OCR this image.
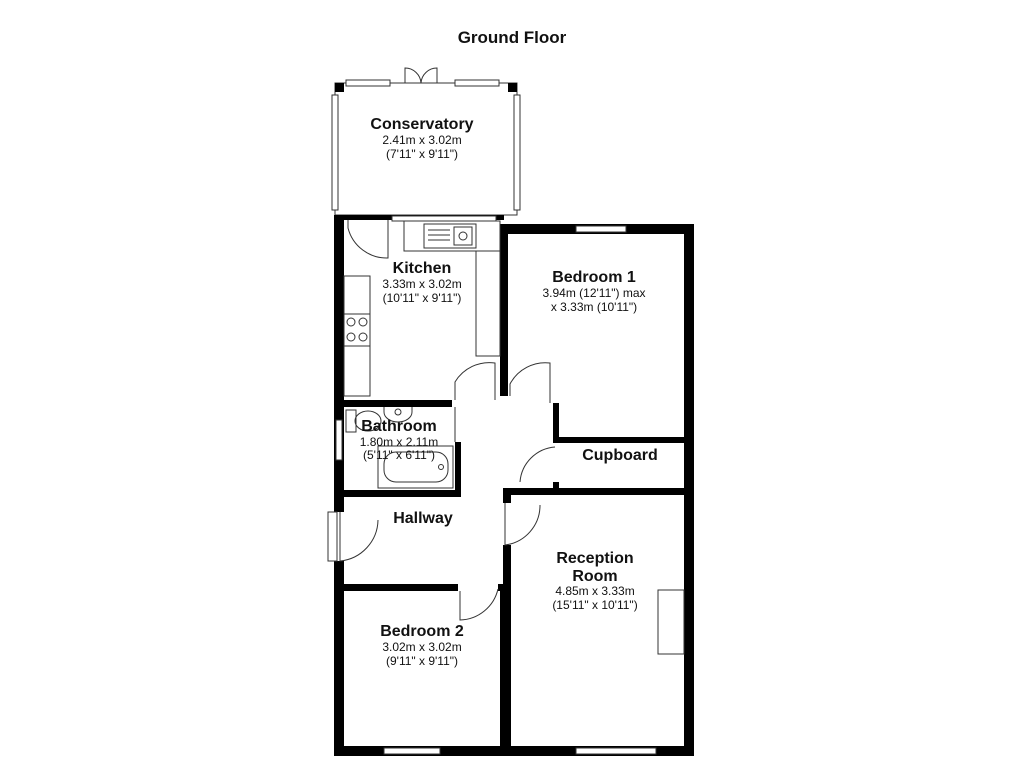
Ground Floor
Conservatory
2.41m x 3.02m
(7'11" x 9'11")
Kitchen
3.33m x 3.02m
(10'11" x 9'11")
Bedroom 1
3.94m (12'11") max
x 3.33m (10'11")
Bathroom
1.80m x 2.11m
(5'11" x 6'11")	Cupboard
Hallway
Reception
Room
4.85m x 3.33m
(15'11" x 10'11")
Bedroom 2
3.02m x 3.02m
(9'11" x 9'11")
